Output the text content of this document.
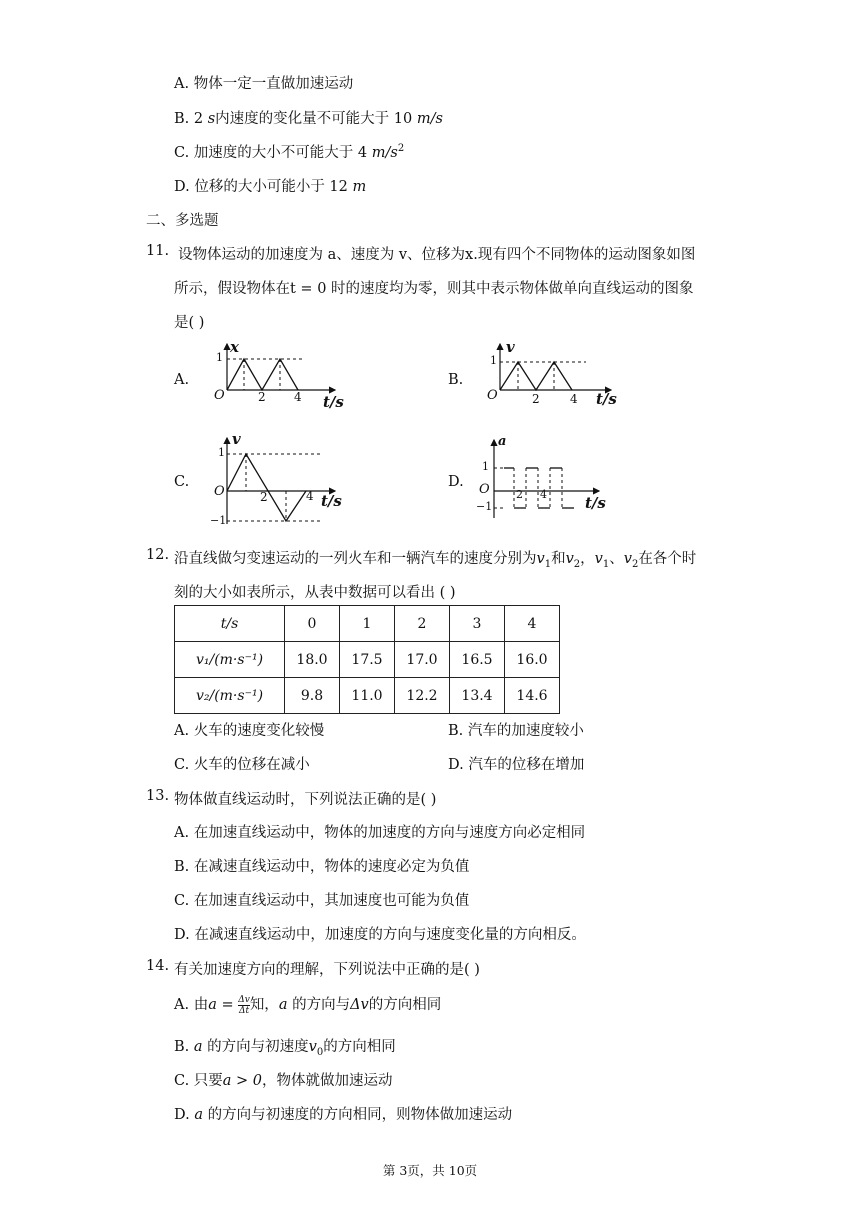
A. 物体一定一直做加速运动
B. 2 s内速度的变化量不可能大于 10 m/s
C. 加速度的大小不可能大于 4 $m/s^2$
D. 位移的大小可能小于 12 m
二、多选题
11. 设物体运动的加速度为 a、速度为 v、位移为x.现有四个不同物体的运动图象如图
所示，假设物体在t = 0 时的速度均为零，则其中表示物体做单向直线运动的图象
是( )
A.	B.
C.	D.
x
O
1
2 4 t/s
v
O
1
2	4 t/s
v
O
1
−1
2	4 t/s
a
O
1
−1
2 4	t/s
12. 沿直线做匀变速运动的一列火车和一辆汽车的速度分别为$v_1$和$v_2$，$v_1$、$v_2$在各个时
刻的大小如表所示，从表中数据可以看出 ( )
t/s	0	1	2	3	4
v₁/(m·s⁻¹)	18.0	17.5	17.0	16.5	16.0
v₂/(m·s⁻¹)	9.8	11.0	12.2	13.4	14.6
A. 火车的速度变化较慢	B. 汽车的加速度较小
C. 火车的位移在减小	D. 汽车的位移在增加
13. 物体做直线运动时，下列说法正确的是( )
A. 在加速直线运动中，物体的加速度的方向与速度方向必定相同
B. 在减速直线运动中，物体的速度必定为负值
C. 在加速直线运动中，其加速度也可能为负值
D. 在减速直线运动中，加速度的方向与速度变化量的方向相反。
14. 有关加速度方向的理解，下列说法中正确的是( )
A. 由$a = \frac{\Delta v}{\Delta t}$ 知，a 的方向与Δv的方向相同
B. a 的方向与初速度$v_0$的方向相同
C. 只要a > 0，物体就做加速运动
D. a 的方向与初速度的方向相同，则物体做加速运动
第 3页，共 10页
